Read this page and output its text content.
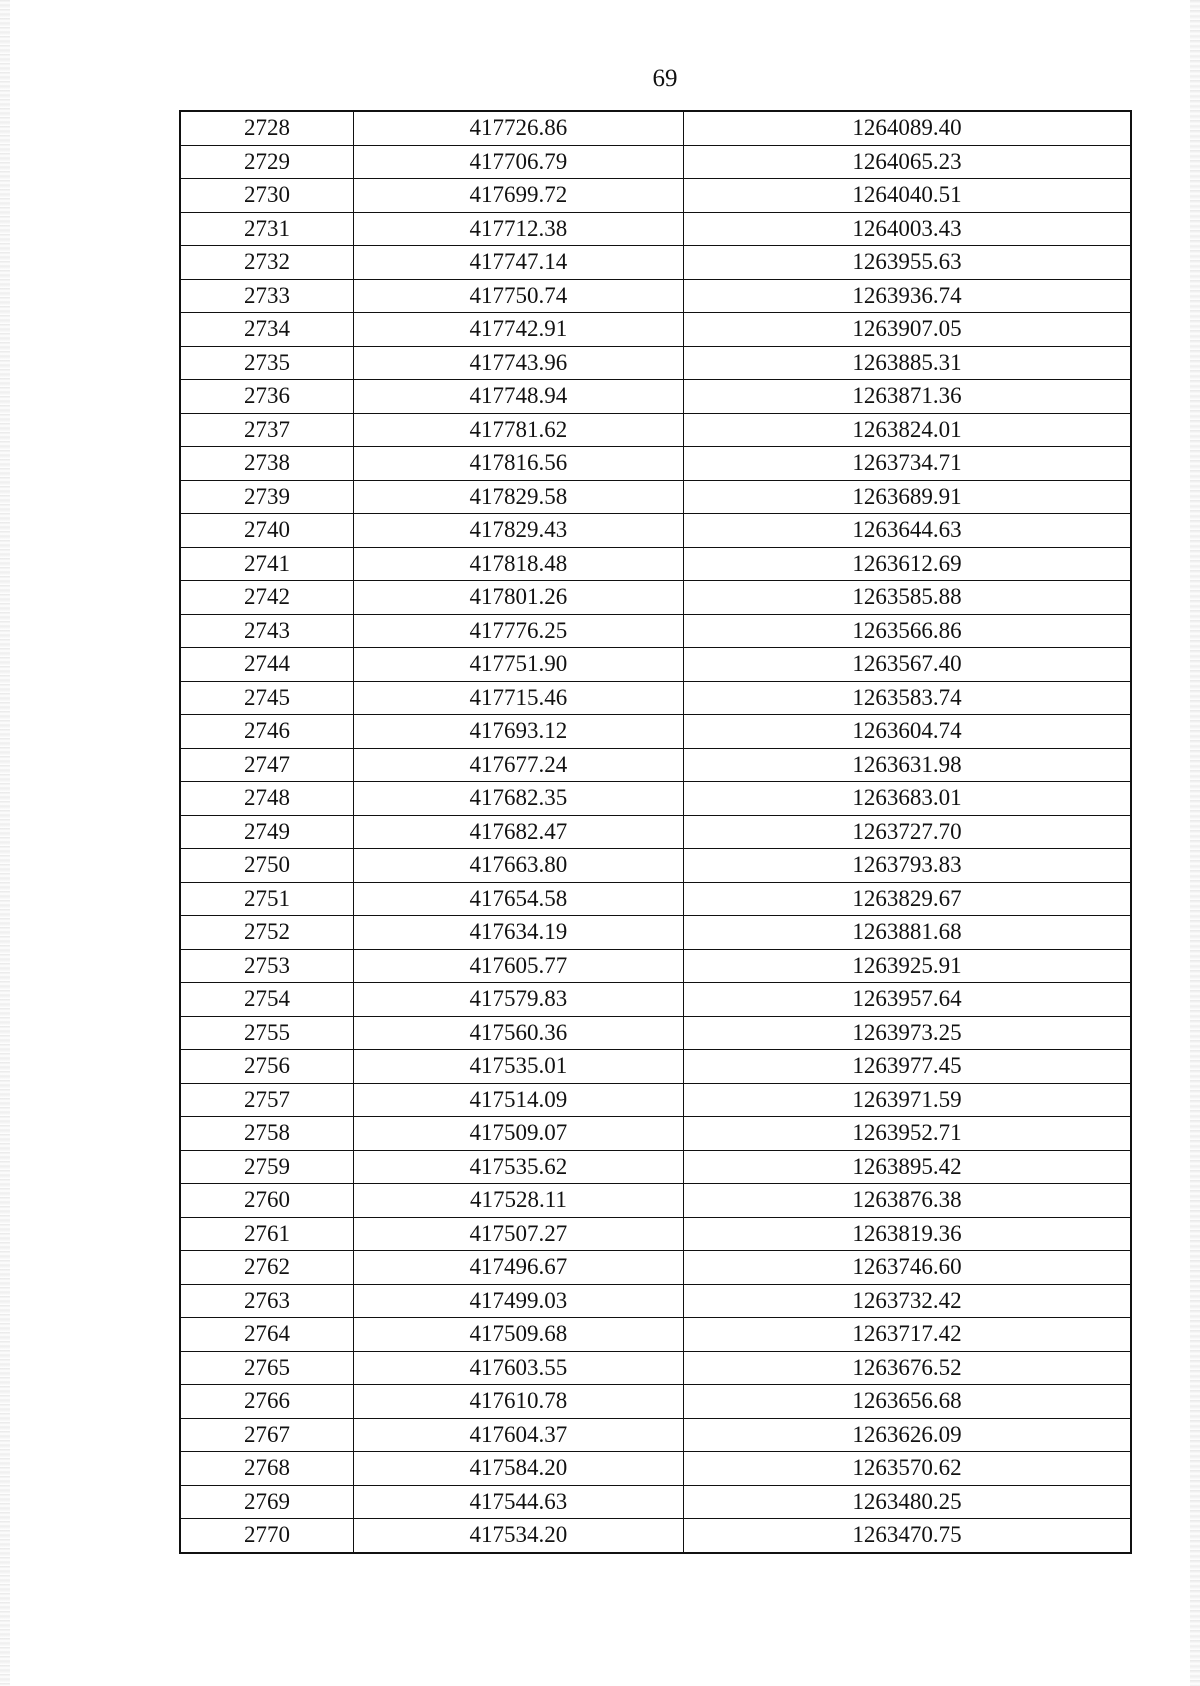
69
2728	417726.86	1264089.40
2729	417706.79	1264065.23
2730	417699.72	1264040.51
2731	417712.38	1264003.43
2732	417747.14	1263955.63
2733	417750.74	1263936.74
2734	417742.91	1263907.05
2735	417743.96	1263885.31
2736	417748.94	1263871.36
2737	417781.62	1263824.01
2738	417816.56	1263734.71
2739	417829.58	1263689.91
2740	417829.43	1263644.63
2741	417818.48	1263612.69
2742	417801.26	1263585.88
2743	417776.25	1263566.86
2744	417751.90	1263567.40
2745	417715.46	1263583.74
2746	417693.12	1263604.74
2747	417677.24	1263631.98
2748	417682.35	1263683.01
2749	417682.47	1263727.70
2750	417663.80	1263793.83
2751	417654.58	1263829.67
2752	417634.19	1263881.68
2753	417605.77	1263925.91
2754	417579.83	1263957.64
2755	417560.36	1263973.25
2756	417535.01	1263977.45
2757	417514.09	1263971.59
2758	417509.07	1263952.71
2759	417535.62	1263895.42
2760	417528.11	1263876.38
2761	417507.27	1263819.36
2762	417496.67	1263746.60
2763	417499.03	1263732.42
2764	417509.68	1263717.42
2765	417603.55	1263676.52
2766	417610.78	1263656.68
2767	417604.37	1263626.09
2768	417584.20	1263570.62
2769	417544.63	1263480.25
2770	417534.20	1263470.75
